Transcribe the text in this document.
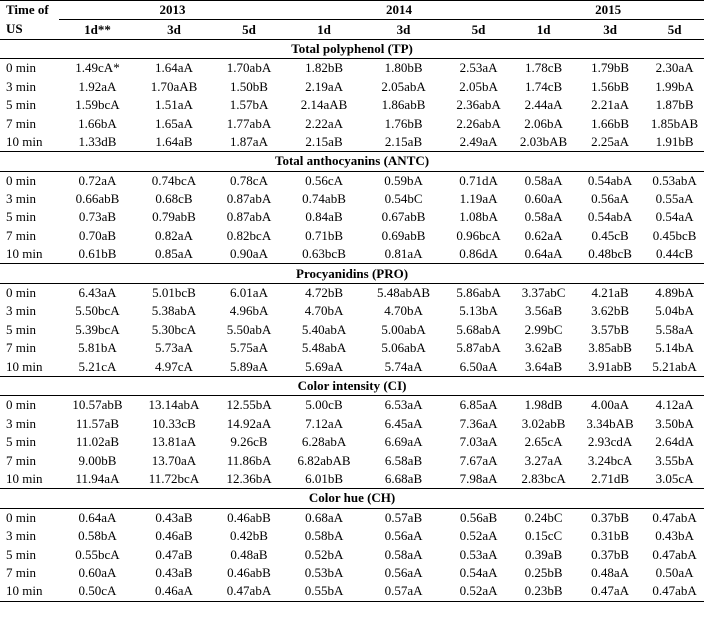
Time of	2013			2014			2015		
US	1d**	3d	5d	1d	3d	5d	1d	3d	5d
Total polyphenol (TP)									
0 min	1.49cA*	1.64aA	1.70abA	1.82bB	1.80bB	2.53aA	1.78cB	1.79bB	2.30aA
3 min	1.92aA	1.70aAB	1.50bB	2.19aA	2.05abA	2.05bA	1.74cB	1.56bB	1.99bA
5 min	1.59bcA	1.51aA	1.57bA	2.14aAB	1.86abB	2.36abA	2.44aA	2.21aA	1.87bB
7 min	1.66bA	1.65aA	1.77abA	2.22aA	1.76bB	2.26abA	2.06bA	1.66bB	1.85bAB
10 min	1.33dB	1.64aB	1.87aA	2.15aB	2.15aB	2.49aA	2.03bAB	2.25aA	1.91bB
Total anthocyanins (ANTC)									
0 min	0.72aA	0.74bcA	0.78cA	0.56cA	0.59bA	0.71dA	0.58aA	0.54abA	0.53abA
3 min	0.66abB	0.68cB	0.87abA	0.74abB	0.54bC	1.19aA	0.60aA	0.56aA	0.55aA
5 min	0.73aB	0.79abB	0.87abA	0.84aB	0.67abB	1.08bA	0.58aA	0.54abA	0.54aA
7 min	0.70aB	0.82aA	0.82bcA	0.71bB	0.69abB	0.96bcA	0.62aA	0.45cB	0.45bcB
10 min	0.61bB	0.85aA	0.90aA	0.63bcB	0.81aA	0.86dA	0.64aA	0.48bcB	0.44cB
Procyanidins (PRO)									
0 min	6.43aA	5.01bcB	6.01aA	4.72bB	5.48abAB	5.86abA	3.37abC	4.21aB	4.89bA
3 min	5.50bcA	5.38abA	4.96bA	4.70bA	4.70bA	5.13bA	3.56aB	3.62bB	5.04bA
5 min	5.39bcA	5.30bcA	5.50abA	5.40abA	5.00abA	5.68abA	2.99bC	3.57bB	5.58aA
7 min	5.81bA	5.73aA	5.75aA	5.48abA	5.06abA	5.87abA	3.62aB	3.85abB	5.14bA
10 min	5.21cA	4.97cA	5.89aA	5.69aA	5.74aA	6.50aA	3.64aB	3.91abB	5.21abA
Color intensity (CI)									
0 min	10.57abB	13.14abA	12.55bA	5.00cB	6.53aA	6.85aA	1.98dB	4.00aA	4.12aA
3 min	11.57aB	10.33cB	14.92aA	7.12aA	6.45aA	7.36aA	3.02abB	3.34bAB	3.50bA
5 min	11.02aB	13.81aA	9.26cB	6.28abA	6.69aA	7.03aA	2.65cA	2.93cdA	2.64dA
7 min	9.00bB	13.70aA	11.86bA	6.82abAB	6.58aB	7.67aA	3.27aA	3.24bcA	3.55bA
10 min	11.94aA	11.72bcA	12.36bA	6.01bB	6.68aB	7.98aA	2.83bcA	2.71dB	3.05cA
Color hue (CH)									
0 min	0.64aA	0.43aB	0.46abB	0.68aA	0.57aB	0.56aB	0.24bC	0.37bB	0.47abA
3 min	0.58bA	0.46aB	0.42bB	0.58bA	0.56aA	0.52aA	0.15cC	0.31bB	0.43bA
5 min	0.55bcA	0.47aB	0.48aB	0.52bA	0.58aA	0.53aA	0.39aB	0.37bB	0.47abA
7 min	0.60aA	0.43aB	0.46abB	0.53bA	0.56aA	0.54aA	0.25bB	0.48aA	0.50aA
10 min	0.50cA	0.46aA	0.47abA	0.55bA	0.57aA	0.52aA	0.23bB	0.47aA	0.47abA
